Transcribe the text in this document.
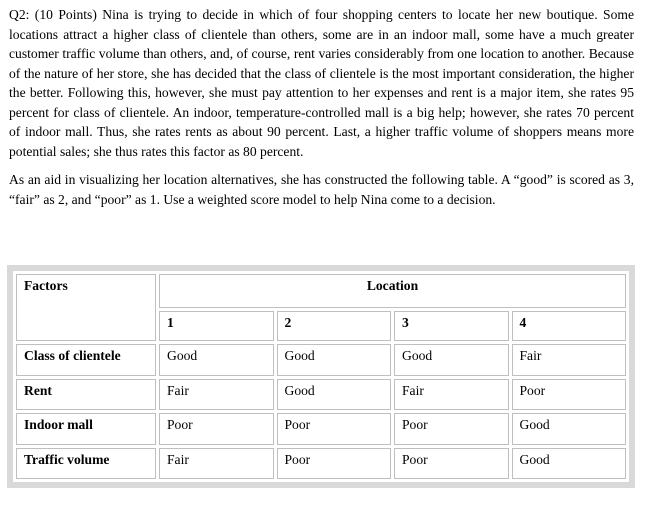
Q2: (10 Points) Nina is trying to decide in which of four shopping centers to locate her new boutique. Some locations attract a higher class of clientele than others, some are in an indoor mall, some have a much greater customer traffic volume than others, and, of course, rent varies considerably from one location to another. Because of the nature of her store, she has decided that the class of clientele is the most important consideration, the higher the better. Following this, however, she must pay attention to her expenses and rent is a major item, she rates 95 percent for class of clientele. An indoor, temperature-controlled mall is a big help; however, she rates 70 percent of indoor mall. Thus, she rates rents as about 90 percent. Last, a higher traffic volume of shoppers means more potential sales; she thus rates this factor as 80 percent.

As an aid in visualizing her location alternatives, she has constructed the following table. A “good” is scored as 3, “fair” as 2, and “poor” as 1. Use a weighted score model to help Nina come to a decision.

Factors	Location			
	1	2	3	4
Class of clientele	Good	Good	Good	Fair
Rent	Fair	Good	Fair	Poor
Indoor mall	Poor	Poor	Poor	Good
Traffic volume	Fair	Poor	Poor	Good
